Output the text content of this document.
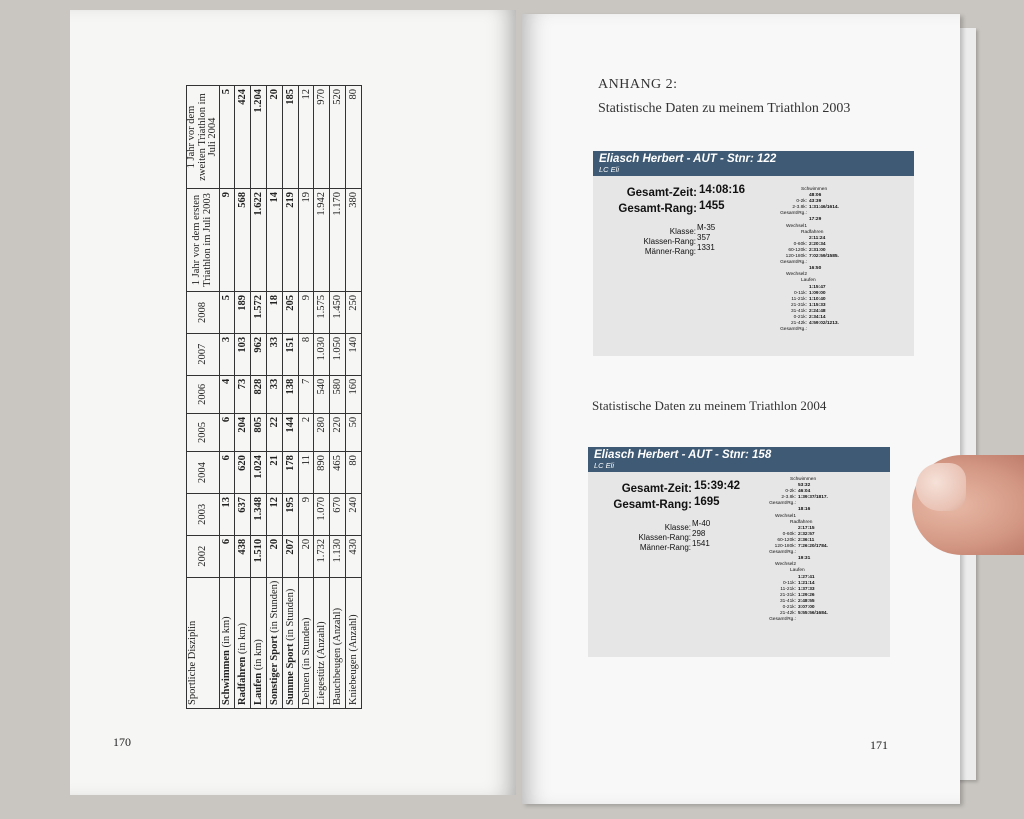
Sportliche Disziplin	2002	2003	2004	2005	2006	2007	2008	1 Jahr vor dem ersten Triathlon im Juli 2003	1 Jahr vor dem zweiten Triathlon im Juli 2004
Schwimmen (in km)	6	13	6	6	4	3	5	9	5
Radfahren (in km)	438	637	620	204	73	103	189	568	424
Laufen (in km)	1.510	1.348	1.024	805	828	962	1.572	1.622	1.204
Sonstiger Sport (in Stunden)	20	12	21	22	33	33	18	14	20
Summe Sport (in Stunden)	207	195	178	144	138	151	205	219	185
Dehnen (in Stunden)	20	9	11	2	7	8	9	19	12
Liegestütz (Anzahl)	1.732	1.070	890	280	540	1.030	1.575	1.942	970
Bauchbeugen (Anzahl)	1.130	670	465	220	580	1.050	1.450	1.170	520
Kniebeugen (Anzahl)	430	240	80	50	160	140	250	380	80
170
ANHANG 2:
Statistische Daten zu meinem Triathlon 2003
Eliasch Herbert - AUT - Stnr: 122
LC Eli
Gesamt-Zeit: 14:08:16
Gesamt-Rang: 1455
Klasse: M-35
Klassen-Rang: 357
Männer-Rang: 1331
Schwimmen
48:06
0-2k: 43:39
2-3.8k: 1:31:46/1614.
Gesamt/Rg.:
17:29
Wechsel1
Radfahren
2:11:24
0-60k: 2:20:34
60-120k: 2:31:00
120-180k: 7:02:59/1585.
Gesamt/Rg.:
16:50
Wechsel2
Laufen
1:15:47
0-11k: 1:09:00
11-21k: 1:10:40
21-31k: 1:15:33
31-41k: 2:24:48
0-21k: 2:34:14
21-42k: 4:59:02/1213.
Gesamt/Rg.:
Statistische Daten zu meinem Triathlon 2004
Eliasch Herbert - AUT - Stnr: 158
LC Eli
Gesamt-Zeit: 15:39:42
Gesamt-Rang: 1695
Klasse: M-40
Klassen-Rang: 298
Männer-Rang: 1541
Schwimmen
53:32
0-2k: 46:04
2-3.8k: 1:39:37/1817.
Gesamt/Rg.:
18:16
Wechsel1
Radfahren
2:17:15
0-60k: 2:32:57
60-120k: 2:36:11
120-180k: 7:26:20/1784.
Gesamt/Rg.:
19:31
Wechsel2
Laufen
1:27:41
0-11k: 1:21:14
11-21k: 1:37:33
21-31k: 1:29:26
31-41k: 2:48:55
0-21k: 3:07:00
21-42k: 5:55:56/1684.
Gesamt/Rg.:
171
